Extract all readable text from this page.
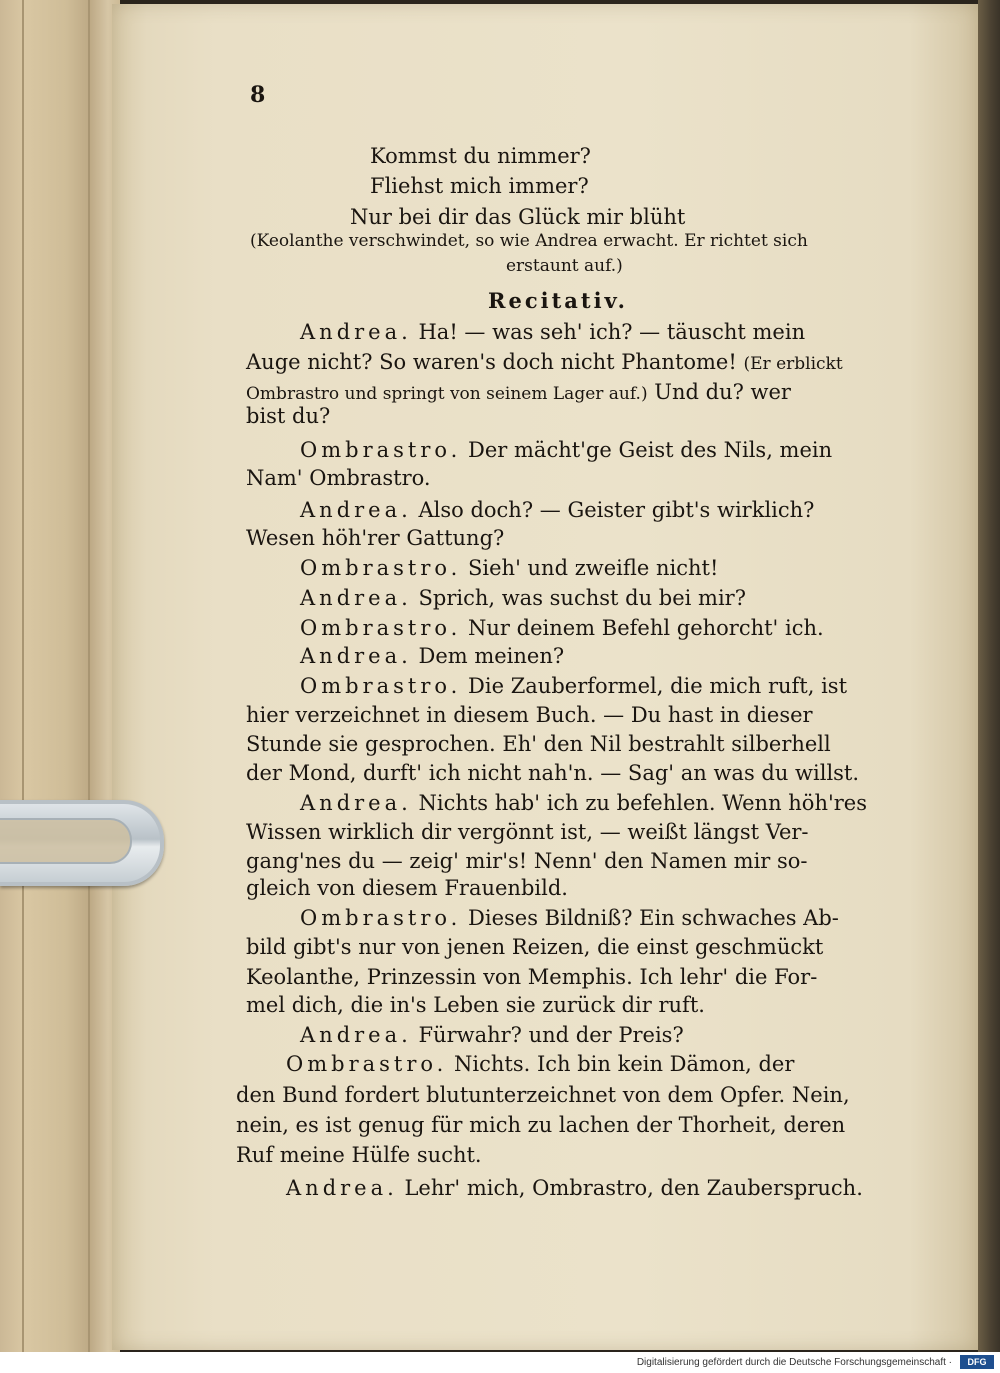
8
Kommst du nimmer?
Fliehst mich immer?
Nur bei dir das Glück mir blüht
(Keolanthe verschwindet, so wie Andrea erwacht. Er richtet sich
erstaunt auf.)
Recitativ.
Andrea. Ha! — was seh' ich? — täuscht mein
Auge nicht? So waren's doch nicht Phantome! (Er erblickt
Ombrastro und springt von seinem Lager auf.) Und du? wer
bist du?
Ombrastro. Der mächt'ge Geist des Nils, mein
Nam' Ombrastro.
Andrea. Also doch? — Geister gibt's wirklich?
Wesen höh'rer Gattung?
Ombrastro. Sieh' und zweifle nicht!
Andrea. Sprich, was suchst du bei mir?
Ombrastro. Nur deinem Befehl gehorcht' ich.
Andrea. Dem meinen?
Ombrastro. Die Zauberformel, die mich ruft, ist
hier verzeichnet in diesem Buch. — Du hast in dieser
Stunde sie gesprochen. Eh' den Nil bestrahlt silberhell
der Mond, durft' ich nicht nah'n. — Sag' an was du willst.
Andrea. Nichts hab' ich zu befehlen. Wenn höh'res
Wissen wirklich dir vergönnt ist, — weißt längst Ver-
gang'nes du — zeig' mir's! Nenn' den Namen mir so-
gleich von diesem Frauenbild.
Ombrastro. Dieses Bildniß? Ein schwaches Ab-
bild gibt's nur von jenen Reizen, die einst geschmückt
Keolanthe, Prinzessin von Memphis. Ich lehr' die For-
mel dich, die in's Leben sie zurück dir ruft.
Andrea. Fürwahr? und der Preis?
Ombrastro. Nichts. Ich bin kein Dämon, der
den Bund fordert blutunterzeichnet von dem Opfer. Nein,
nein, es ist genug für mich zu lachen der Thorheit, deren
Ruf meine Hülfe sucht.
Andrea. Lehr' mich, Ombrastro, den Zauberspruch.
Digitalisierung gefördert durch die Deutsche Forschungsgemeinschaft ·	DFG
